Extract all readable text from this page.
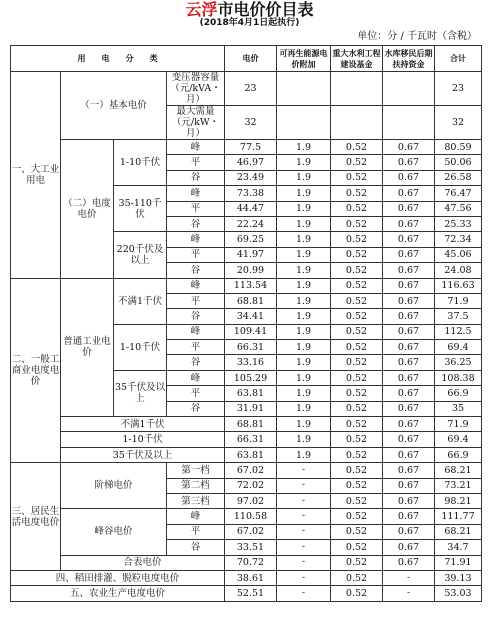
云浮市电价价目表
(2018年4月1日起执行)
单位：分 / 千瓦时（含税）
用　　电　　分　　类				电价	可再生能源电价附加	重大水利工程建设基金	水库移民后期扶持资金	合计
一、大工业用电	（一）基本电价		变压器容量（元/kVA・月）	23				23
			最大需量（元/kW・月）	32				32
	（二）电度电价	1-10千伏	峰	77.5	1.9	0.52	0.67	80.59
			平	46.97	1.9	0.52	0.67	50.06
			谷	23.49	1.9	0.52	0.67	26.58
		35-110千伏	峰	73.38	1.9	0.52	0.67	76.47
			平	44.47	1.9	0.52	0.67	47.56
			谷	22.24	1.9	0.52	0.67	25.33
		220千伏及以上	峰	69.25	1.9	0.52	0.67	72.34
			平	41.97	1.9	0.52	0.67	45.06
			谷	20.99	1.9	0.52	0.67	24.08
二、一般工商业电度电价	普通工业电价	不满1千伏	峰	113.54	1.9	0.52	0.67	116.63
			平	68.81	1.9	0.52	0.67	71.9
			谷	34.41	1.9	0.52	0.67	37.5
		1-10千伏	峰	109.41	1.9	0.52	0.67	112.5
			平	66.31	1.9	0.52	0.67	69.4
			谷	33.16	1.9	0.52	0.67	36.25
		35千伏及以上	峰	105.29	1.9	0.52	0.67	108.38
			平	63.81	1.9	0.52	0.67	66.9
			谷	31.91	1.9	0.52	0.67	35
	不满1千伏			68.81	1.9	0.52	0.67	71.9
	1-10千伏			66.31	1.9	0.52	0.67	69.4
	35千伏及以上			63.81	1.9	0.52	0.67	66.9
三、居民生活电度电价	阶梯电价		第一档	67.02	-	0.52	0.67	68.21
			第二档	72.02	-	0.52	0.67	73.21
			第三档	97.02	-	0.52	0.67	98.21
	峰谷电价		峰	110.58	-	0.52	0.67	111.77
			平	67.02	-	0.52	0.67	68.21
			谷	33.51	-	0.52	0.67	34.7
	合表电价			70.72	-	0.52	0.67	71.91
四、稻田排灌、脱粒电度电价				38.61	-	0.52	-	39.13
五、农业生产电度电价				52.51	-	0.52	-	53.03
